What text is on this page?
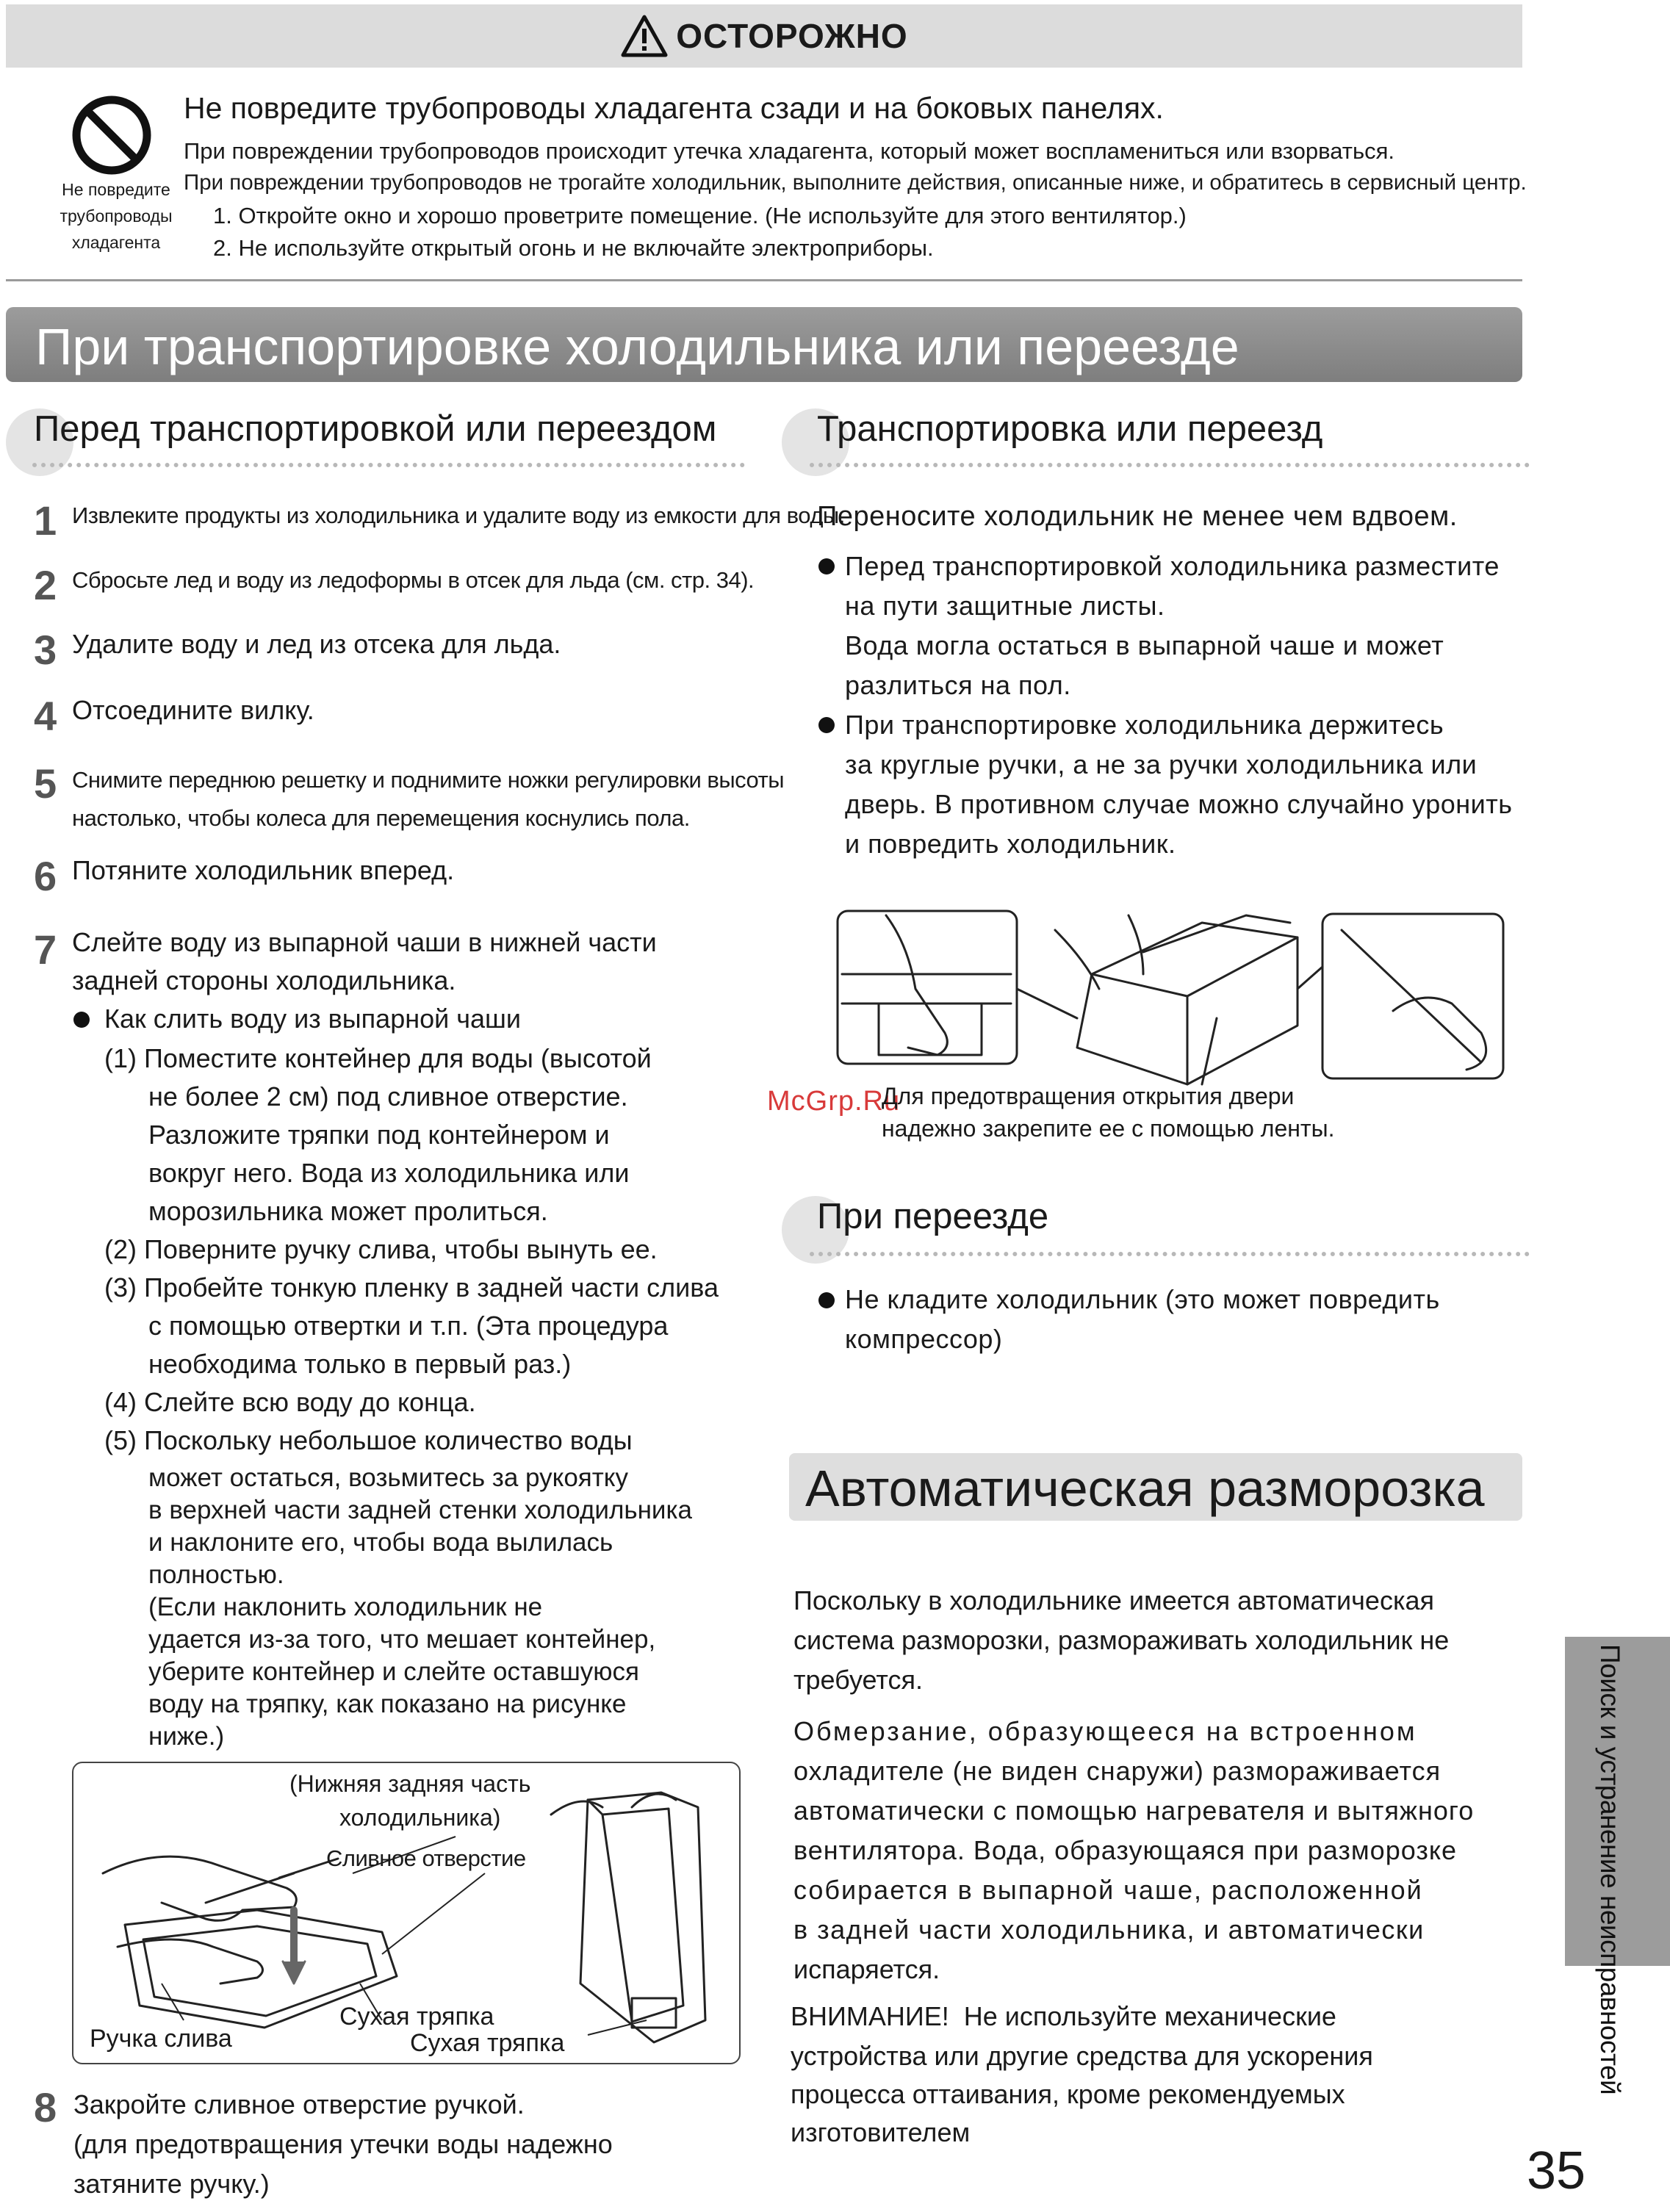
ОСТОРОЖНО
Не повредите
трубопроводы
хладагента
Не повредите трубопроводы хладагента сзади и на боковых панелях.
При повреждении трубопроводов происходит утечка хладагента, который может воспламениться или взорваться.
При повреждении трубопроводов не трогайте холодильник, выполните действия, описанные ниже, и обратитесь в сервисный центр.
1. Откройте окно и хорошо проветрите помещение. (Не используйте для этого вентилятор.)
2. Не используйте открытый огонь и не включайте электроприборы.
При транспортировке холодильника или переезде
Перед транспортировкой или переездом
1 Извлеките продукты из холодильника и удалите воду из емкости для воды.
2 Сбросьте лед и воду из ледоформы в отсек для льда (см. стр. 34).
3 Удалите воду и лед из отсека для льда.
4 Отсоедините вилку.
5 Снимите переднюю решетку и поднимите ножки регулировки высоты
настолько, чтобы колеса для перемещения коснулись пола.
6 Потяните холодильник вперед.
7 Слейте воду из выпарной чаши в нижней части
задней стороны холодильника.
Как слить воду из выпарной чаши
(1) Поместите контейнер для воды (высотой
не более 2 см) под сливное отверстие.
Разложите тряпки под контейнером и
вокруг него. Вода из холодильника или
морозильника может пролиться.
(2) Поверните ручку слива, чтобы вынуть ее.
(3) Пробейте тонкую пленку в задней части слива
с помощью отвертки и т.п. (Эта процедура
необходима только в первый раз.)
(4) Слейте всю воду до конца.
(5) Поскольку небольшое количество воды
может остаться, возьмитесь за рукоятку
в верхней части задней стенки холодильника
и наклоните его, чтобы вода вылилась
полностью.
(Если наклонить холодильник не
удается из-за того, что мешает контейнер,
уберите контейнер и слейте оставшуюся
воду на тряпку, как показано на рисунке
ниже.)
(Нижняя задняя часть
холодильника)
Сливное отверстие
Ручка слива
Сухая тряпка
Сухая тряпка
8 Закройте сливное отверстие ручкой.
(для предотвращения утечки воды надежно
затяните ручку.)
Транспортировка или переезд
Переносите холодильник не менее чем вдвоем.
Перед транспортировкой холодильника разместите
на пути защитные листы.
Вода могла остаться в выпарной чаше и может
разлиться на пол.
При транспортировке холодильника держитесь
за круглые ручки, а не за ручки холодильника или
дверь. В противном случае можно случайно уронить
и повредить холодильник.
McGrp.Ru
Для предотвращения открытия двери
надежно закрепите ее с помощью ленты.
При переезде
Не кладите холодильник (это может повредить
компрессор)
Автоматическая разморозка
Поскольку в холодильнике имеется автоматическая
система разморозки, размораживать холодильник не
требуется.
Обмерзание, образующееся на встроенном
охладителе (не виден снаружи) размораживается
автоматически с помощью нагревателя и вытяжного
вентилятора. Вода, образующаяся при разморозке
собирается в выпарной чаше, расположенной
в задней части холодильника, и автоматически
испаряется.
ВНИМАНИЕ!  Не используйте механические
устройства или другие средства для ускорения
процесса оттаивания, кроме рекомендуемых
изготовителем
Поиск и устранение неисправностей
35
